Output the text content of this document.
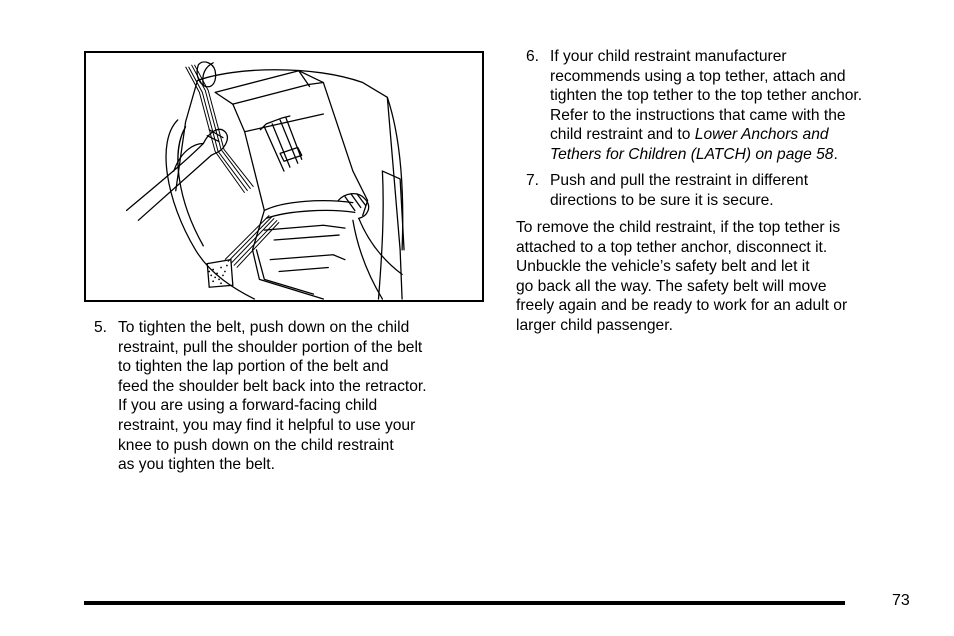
5. To tighten the belt, push down on the child
restraint, pull the shoulder portion of the belt
to tighten the lap portion of the belt and
feed the shoulder belt back into the retractor.
If you are using a forward-facing child
restraint, you may find it helpful to use your
knee to push down on the child restraint
as you tighten the belt.
6. If your child restraint manufacturer
recommends using a top tether, attach and
tighten the top tether to the top tether anchor.
Refer to the instructions that came with the
child restraint and to Lower Anchors and
Tethers for Children (LATCH) on page 58.
7. Push and pull the restraint in different
directions to be sure it is secure.
To remove the child restraint, if the top tether is
attached to a top tether anchor, disconnect it.
Unbuckle the vehicle’s safety belt and let it
go back all the way. The safety belt will move
freely again and be ready to work for an adult or
larger child passenger.
73
